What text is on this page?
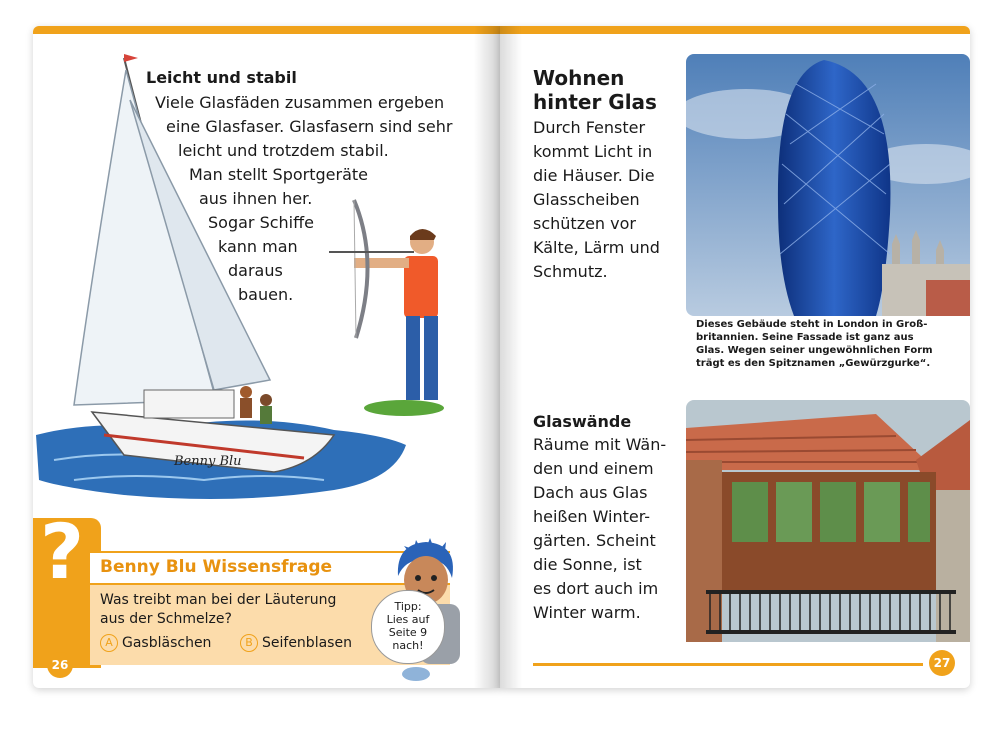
Benny Blu
Leicht und stabil
Viele Glasfäden zusammen ergeben
eine Glasfaser. Glasfasern sind sehr
leicht und trotzdem stabil.
Man stellt Sportgeräte
aus ihnen her.
Sogar Schiffe
kann man
daraus
bauen.
? Benny Blu Wissensfrage
Was treibt man bei der Läuterung
aus der Schmelze?
A Gasbläschen	B Seifenblasen
Tipp:
Lies auf
Seite 9
nach!
26
Wohnen
hinter Glas
Durch Fenster
kommt Licht in
die Häuser. Die
Glasscheiben
schützen vor
Kälte, Lärm und
Schmutz.
Dieses Gebäude steht in London in Groß-
britannien. Seine Fassade ist ganz aus
Glas. Wegen seiner ungewöhnlichen Form
trägt es den Spitznamen „Gewürzgurke“.
Glaswände
Räume mit Wän-
den und einem
Dach aus Glas
heißen Winter-
gärten. Scheint
die Sonne, ist
es dort auch im
Winter warm.
27
